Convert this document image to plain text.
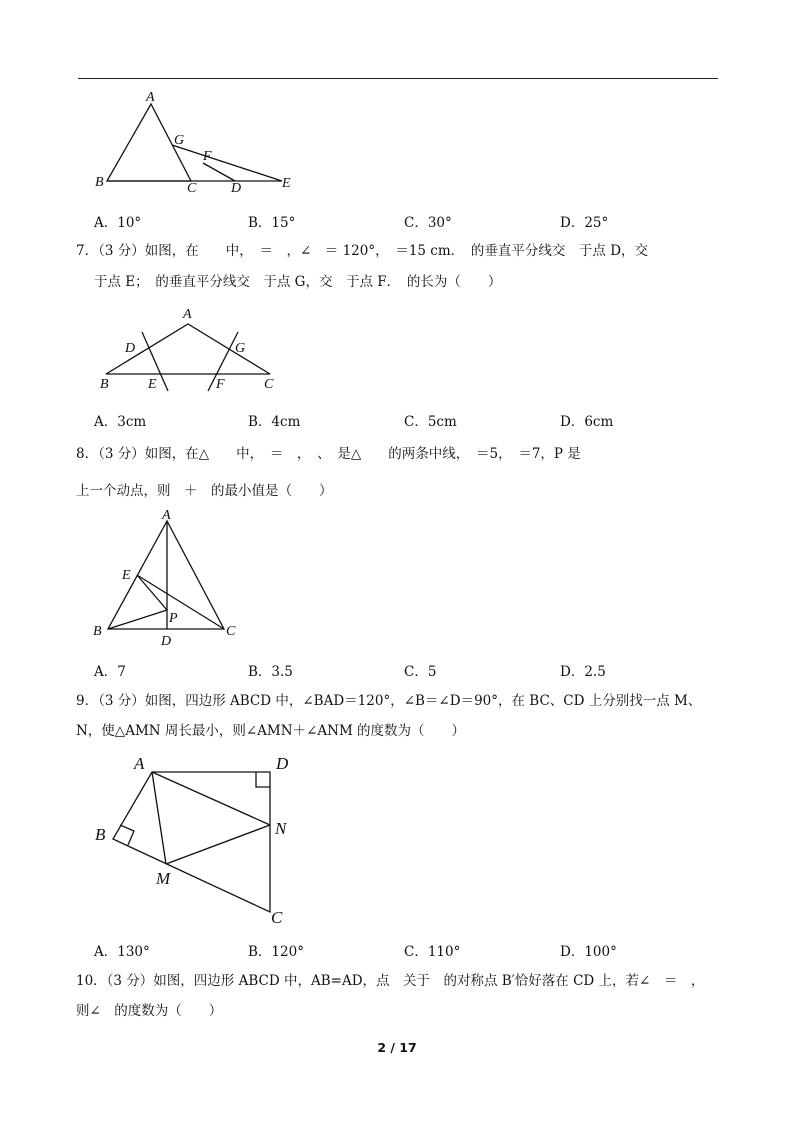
A
G
F
B	C D	E
A．10°	B．15°	C．30°	D．25°
7．（3 分）如图，在　　中，　＝　，∠　＝ 120°，　＝15 cm．　的垂直平分线交　于点 D，交
于点 E；　的垂直平分线交　于点 G，交　于点 F．　的长为（　　）
A
D	G
B	E	F	C
A．3cm	B．4cm	C．5cm	D．6cm
8．（3 分）如图，在△　　中，　＝　，　、　是△　　的两条中线，　＝5，　＝7，P 是
上一个动点，则　＋　的最小值是（　　）
A
E
P
B
D
C
A．7	B．3.5	C．5	D．2.5
9．（3 分）如图，四边形 ABCD 中，∠BAD＝120°，∠B＝∠D＝90°，在 BC、CD 上分别找一点 M、
N，使△AMN 周长最小，则∠AMN＋∠ANM 的度数为（　　）
A	D
B	N
M
C
A．130°	B．120°	C．110°	D．100°
10．（3 分）如图，四边形 ABCD 中，AB=AD，点　关于　的对称点 B′恰好落在 CD 上，若∠　＝　，
则∠　的度数为（　　）
2 / 17
